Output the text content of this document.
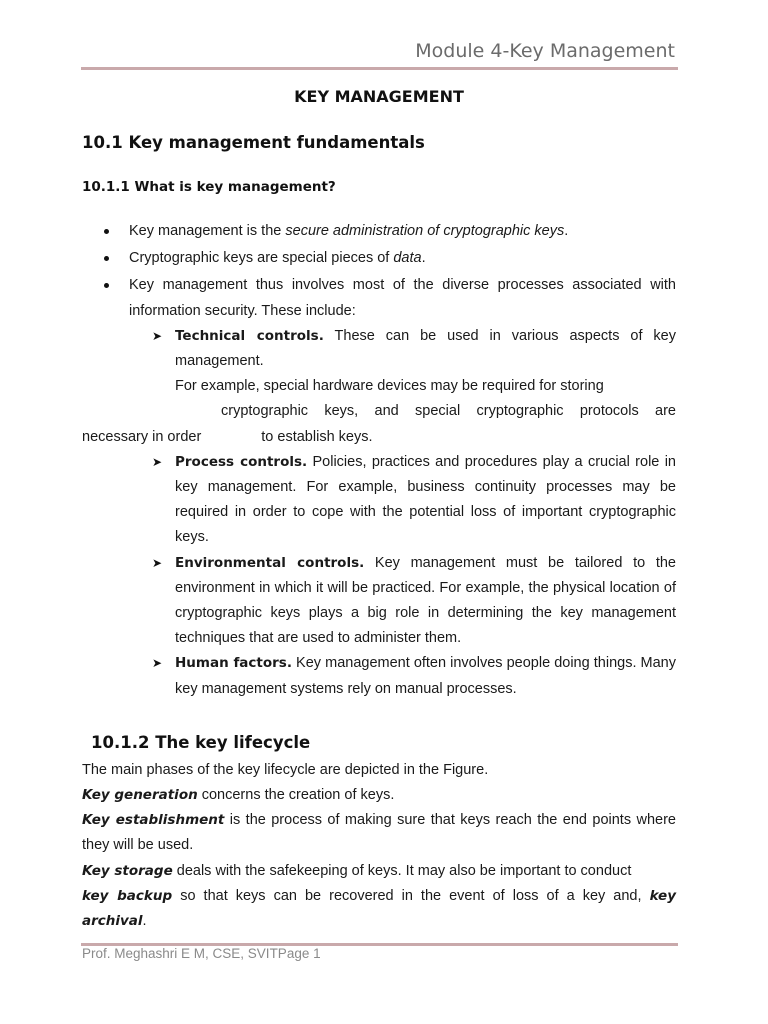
Module 4-Key Management
KEY MANAGEMENT
10.1 Key management fundamentals
10.1.1 What is key management?
Key management is the secure administration of cryptographic keys.
Cryptographic keys are special pieces of data.
Key management thus involves most of the diverse processes associated with information security. These include:
➤ Technical controls. These can be used in various aspects of key management.
For example, special hardware devices may be required for storing
cryptographic keys, and special cryptographic protocols are
necessary in order	to establish keys.
➤ Process controls. Policies, practices and procedures play a crucial role in key management. For example, business continuity processes may be required in order to cope with the potential loss of important cryptographic keys.
➤ Environmental controls. Key management must be tailored to the environment in which it will be practiced. For example, the physical location of cryptographic keys plays a big role in determining the key management techniques that are used to administer them.
➤ Human factors. Key management often involves people doing things. Many key management systems rely on manual processes.
10.1.2 The key lifecycle

The main phases of the key lifecycle are depicted in the Figure.

Key generation concerns the creation of keys.

Key establishment is the process of making sure that keys reach the end points where they will be used.

Key storage deals with the safekeeping of keys. It may also be important to conduct

key backup so that keys can be recovered in the event of loss of a key and, key archival.

Prof. Meghashri E M, CSE, SVITPage 1
